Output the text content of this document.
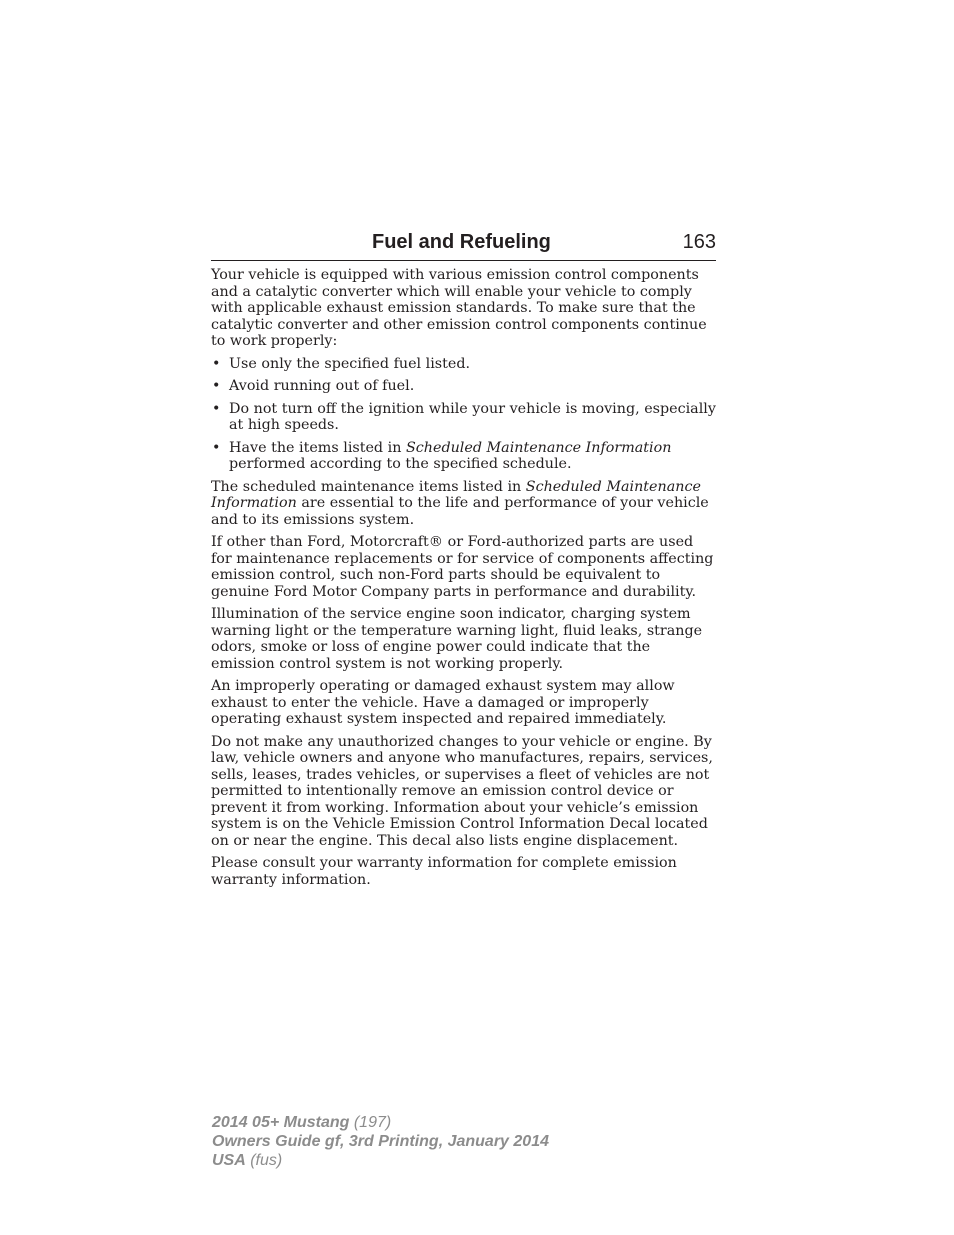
Fuel and Refueling	163

Your vehicle is equipped with various emission control components and a catalytic converter which will enable your vehicle to comply with applicable exhaust emission standards. To make sure that the catalytic converter and other emission control components continue to work properly:

• Use only the specified fuel listed.
• Avoid running out of fuel.
• Do not turn off the ignition while your vehicle is moving, especially at high speeds.
• Have the items listed in Scheduled Maintenance Information performed according to the specified schedule.

The scheduled maintenance items listed in Scheduled Maintenance Information are essential to the life and performance of your vehicle and to its emissions system.

If other than Ford, Motorcraft® or Ford-authorized parts are used for maintenance replacements or for service of components affecting emission control, such non-Ford parts should be equivalent to genuine Ford Motor Company parts in performance and durability.

Illumination of the service engine soon indicator, charging system warning light or the temperature warning light, fluid leaks, strange odors, smoke or loss of engine power could indicate that the emission control system is not working properly.

An improperly operating or damaged exhaust system may allow exhaust to enter the vehicle. Have a damaged or improperly operating exhaust system inspected and repaired immediately.

Do not make any unauthorized changes to your vehicle or engine. By law, vehicle owners and anyone who manufactures, repairs, services, sells, leases, trades vehicles, or supervises a fleet of vehicles are not permitted to intentionally remove an emission control device or prevent it from working. Information about your vehicle’s emission system is on the Vehicle Emission Control Information Decal located on or near the engine. This decal also lists engine displacement.

Please consult your warranty information for complete emission warranty information.

2014 05+ Mustang (197)
Owners Guide gf, 3rd Printing, January 2014
USA (fus)
